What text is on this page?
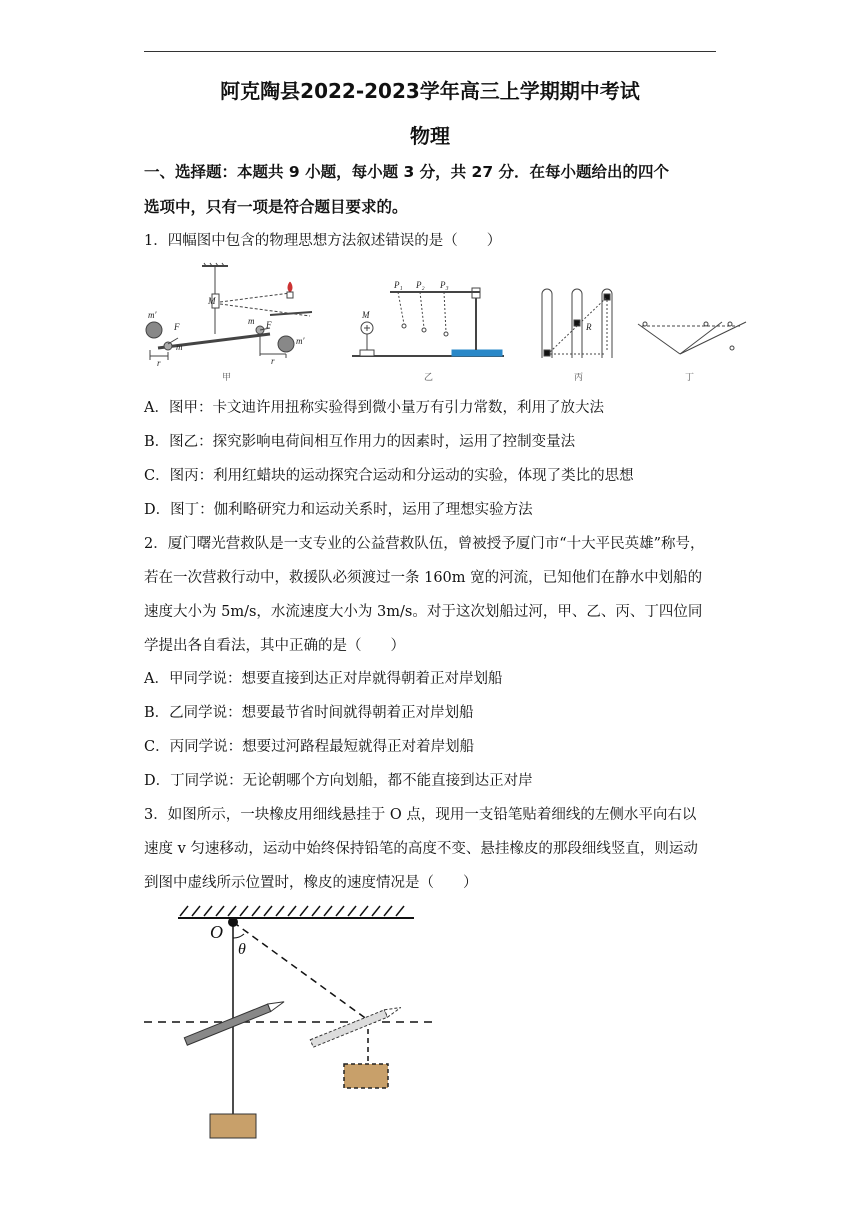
阿克陶县2022-2023学年高三上学期期中考试
物理
一、选择题：本题共 9 小题，每小题 3 分，共 27 分．在每小题给出的四个
选项中，只有一项是符合题目要求的。
1．四幅图中包含的物理思想方法叙述错误的是（　　）
M
m′
F
m
r
m F
m′
r
甲
M
P₁ P₂ P₃
乙
R
丙	丁
A．图甲：卡文迪许用扭称实验得到微小量万有引力常数，利用了放大法
B．图乙：探究影响电荷间相互作用力的因素时，运用了控制变量法
C．图丙：利用红蜡块的运动探究合运动和分运动的实验，体现了类比的思想
D．图丁：伽利略研究力和运动关系时，运用了理想实验方法
2．厦门曙光营救队是一支专业的公益营救队伍，曾被授予厦门市“十大平民英雄”称号，
若在一次营救行动中，救援队必须渡过一条 160m 宽的河流，已知他们在静水中划船的
速度大小为 5m/s，水流速度大小为 3m/s。对于这次划船过河，甲、乙、丙、丁四位同
学提出各自看法，其中正确的是（　　）
A．甲同学说：想要直接到达正对岸就得朝着正对岸划船
B．乙同学说：想要最节省时间就得朝着正对岸划船
C．丙同学说：想要过河路程最短就得正对着岸划船
D．丁同学说：无论朝哪个方向划船，都不能直接到达正对岸
3．如图所示，一块橡皮用细线悬挂于 O 点，现用一支铅笔贴着细线的左侧水平向右以
速度 v 匀速移动，运动中始终保持铅笔的高度不变、悬挂橡皮的那段细线竖直，则运动
到图中虚线所示位置时，橡皮的速度情况是（　　）
O
θ
